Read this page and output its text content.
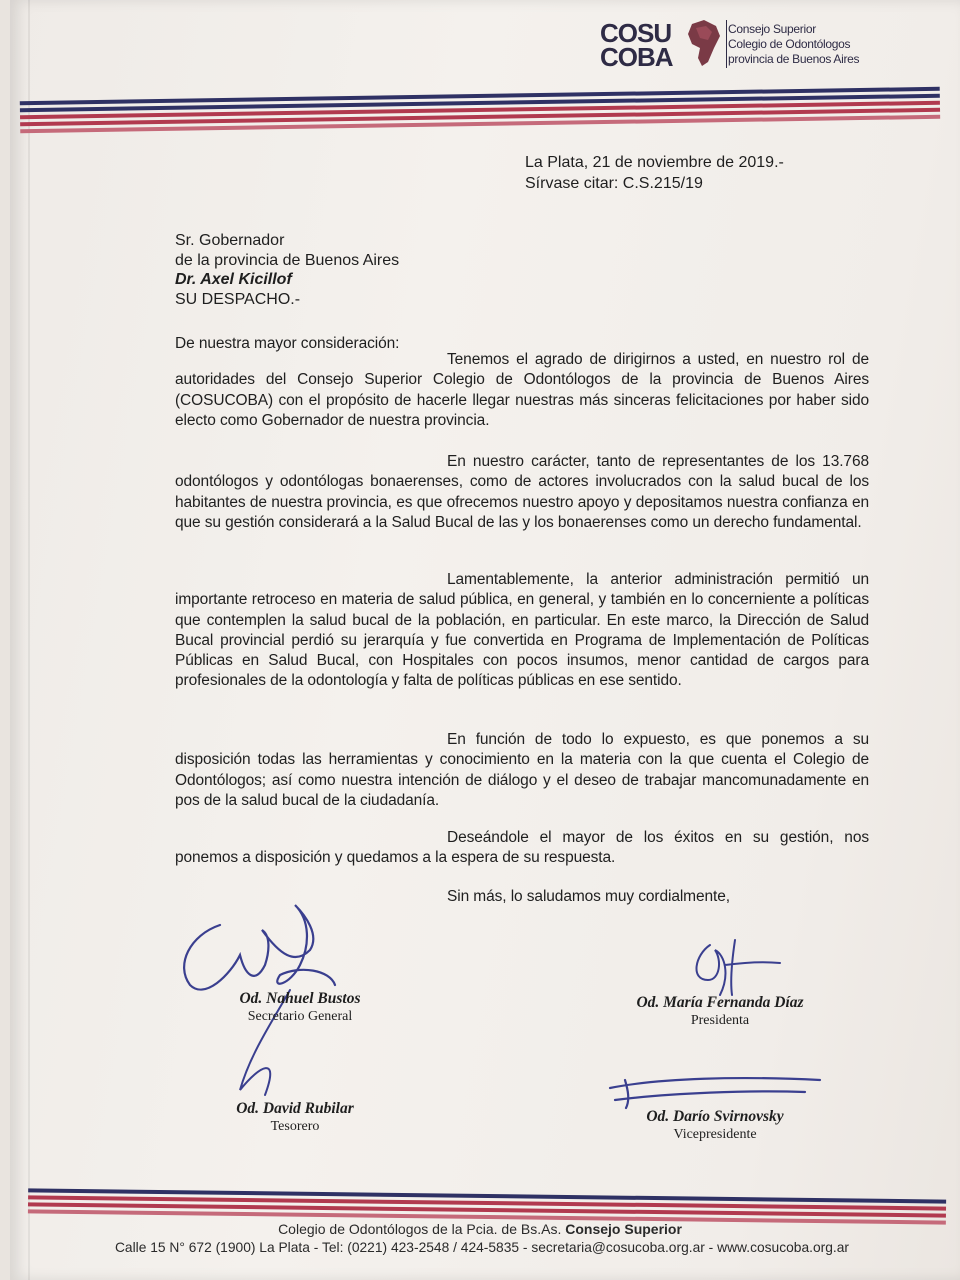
COSU
COBA
Consejo Superior
Colegio de Odontólogos
provincia de Buenos Aires
La Plata, 21 de noviembre de 2019.-
Sírvase citar: C.S.215/19
Sr. Gobernador
de la provincia de Buenos Aires
Dr. Axel Kicillof
SU DESPACHO.-
De nuestra mayor consideración:
Tenemos el agrado de dirigirnos a usted, en nuestro rol de autoridades del Consejo Superior Colegio de Odontólogos de la provincia de Buenos Aires (COSUCOBA) con el propósito de hacerle llegar nuestras más sinceras felicitaciones por haber sido electo como Gobernador de nuestra provincia.
En nuestro carácter, tanto de representantes de los 13.768 odontólogos y odontólogas bonaerenses, como de actores involucrados con la salud bucal de los habitantes de nuestra provincia, es que ofrecemos nuestro apoyo y depositamos nuestra confianza en que su gestión considerará a la Salud Bucal de las y los bonaerenses como un derecho fundamental.
Lamentablemente, la anterior administración permitió un importante retroceso en materia de salud pública, en general, y también en lo concerniente a políticas que contemplen la salud bucal de la población, en particular. En este marco, la Dirección de Salud Bucal provincial perdió su jerarquía y fue convertida en Programa de Implementación de Políticas Públicas en Salud Bucal, con Hospitales con pocos insumos, menor cantidad de cargos para profesionales de la odontología y falta de políticas públicas en ese sentido.
En función de todo lo expuesto, es que ponemos a su disposición todas las herramientas y conocimiento en la materia con la que cuenta el Colegio de Odontólogos; así como nuestra intención de diálogo y el deseo de trabajar mancomunadamente en pos de la salud bucal de la ciudadanía.
Deseándole el mayor de los éxitos en su gestión, nos ponemos a disposición y quedamos a la espera de su respuesta.
Sin más, lo saludamos muy cordialmente,
Od. Nahuel Bustos
Secretario General
Od. María Fernanda Díaz
Presidenta
Od. David Rubilar
Tesorero
Od. Darío Svirnovsky
Vicepresidente
Colegio de Odontólogos de la Pcia. de Bs.As. Consejo Superior
Calle 15 N° 672 (1900) La Plata - Tel: (0221) 423-2548 / 424-5835 - secretaria@cosucoba.org.ar - www.cosucoba.org.ar
